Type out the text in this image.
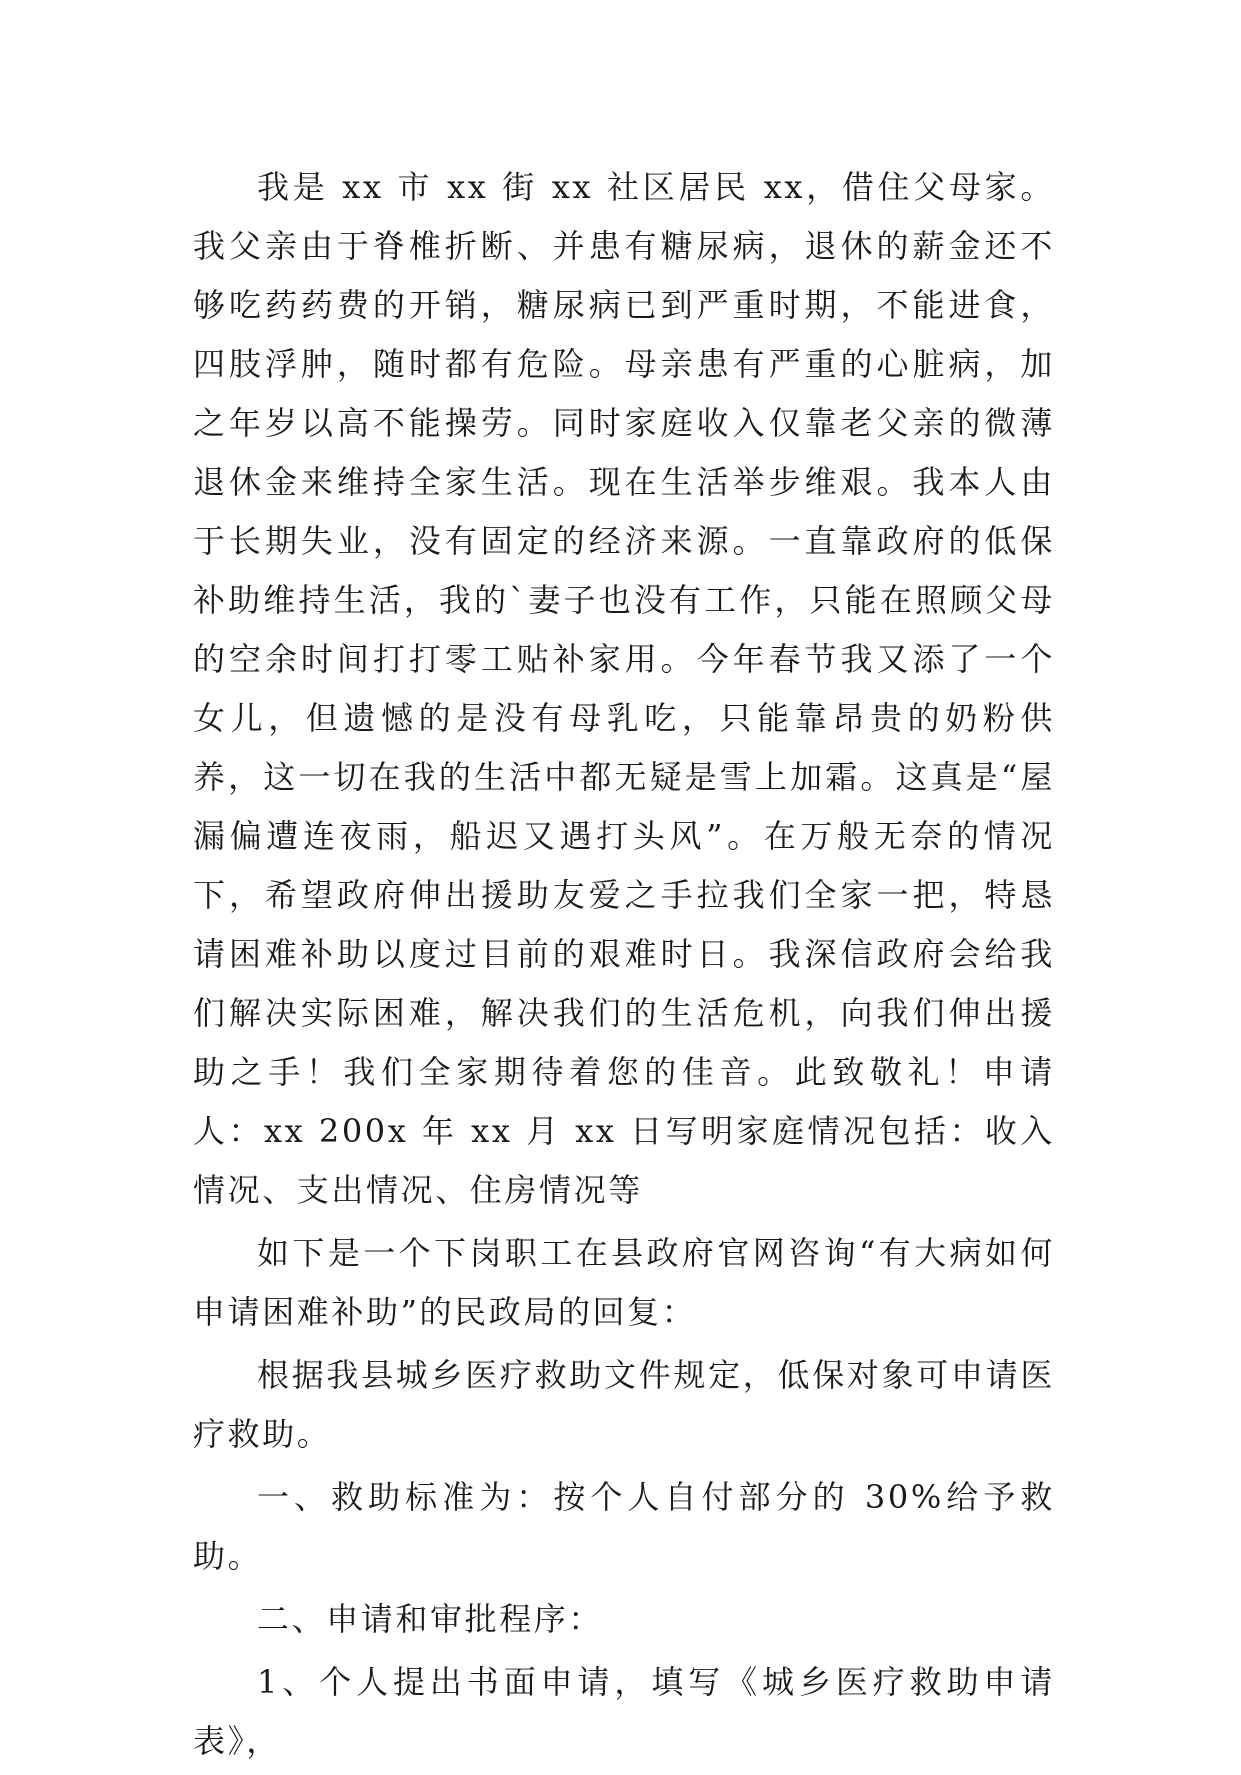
我是 xx 市 xx 街 xx 社区居民 xx，借住父母家。我父亲由于脊椎折断、并患有糖尿病，退休的薪金还不够吃药药费的开销，糖尿病已到严重时期，不能进食，四肢浮肿，随时都有危险。母亲患有严重的心脏病，加之年岁以高不能操劳。同时家庭收入仅靠老父亲的微薄退休金来维持全家生活。现在生活举步维艰。我本人由于长期失业，没有固定的经济来源。一直靠政府的低保补助维持生活，我的`妻子也没有工作，只能在照顾父母的空余时间打打零工贴补家用。今年春节我又添了一个女儿，但遗憾的是没有母乳吃，只能靠昂贵的奶粉供养，这一切在我的生活中都无疑是雪上加霜。这真是“屋漏偏遭连夜雨，船迟又遇打头风”。在万般无奈的情况下，希望政府伸出援助友爱之手拉我们全家一把，特恳请困难补助以度过目前的艰难时日。我深信政府会给我们解决实际困难，解决我们的生活危机，向我们伸出援助之手！我们全家期待着您的佳音。此致敬礼！申请人：xx 200x 年 xx 月 xx 日写明家庭情况包括：收入情况、支出情况、住房情况等

如下是一个下岗职工在县政府官网咨询“有大病如何申请困难补助”的民政局的回复：

根据我县城乡医疗救助文件规定，低保对象可申请医疗救助。

一、救助标准为：按个人自付部分的 30%给予救助。

二、申请和审批程序：

1、个人提出书面申请，填写《城乡医疗救助申请表》，
